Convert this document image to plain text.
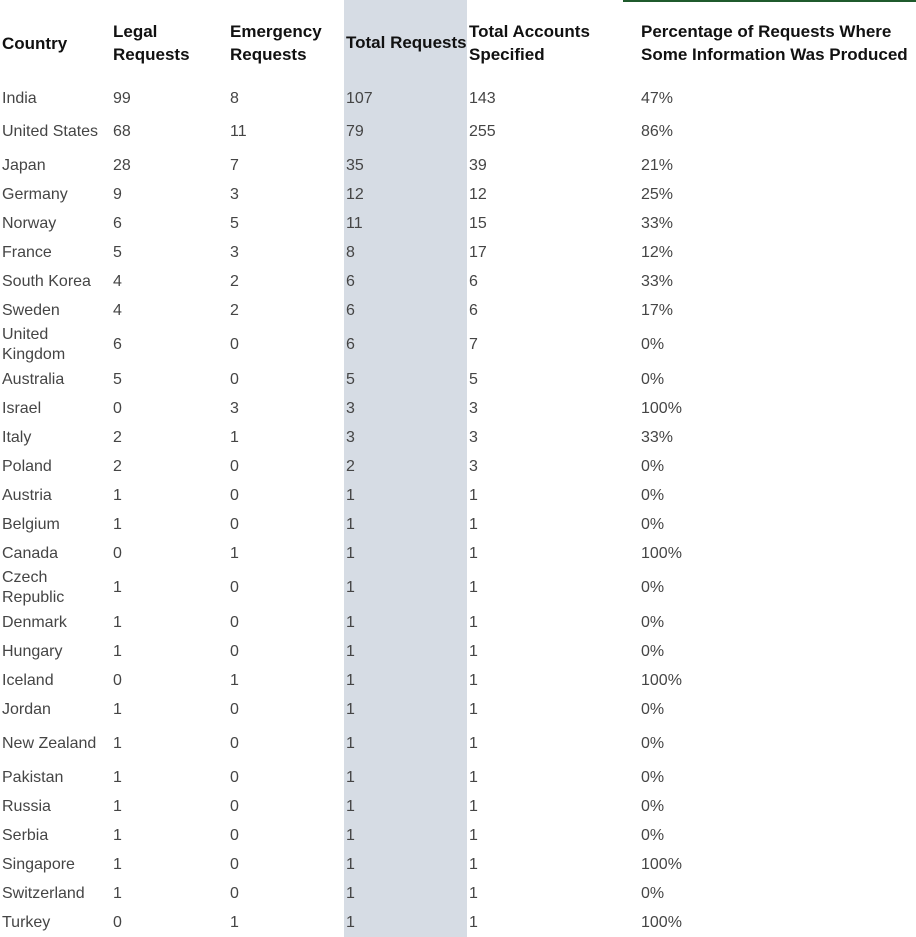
Country	Legal Requests	Emergency Requests	Total Requests	Total Accounts Specified	Percentage of Requests Where Some Information Was Produced
India	99	8	107	143	47%
United States	68	11	79	255	86%
Japan	28	7	35	39	21%
Germany	9	3	12	12	25%
Norway	6	5	11	15	33%
France	5	3	8	17	12%
South Korea	4	2	6	6	33%
Sweden	4	2	6	6	17%
United Kingdom	6	0	6	7	0%
Australia	5	0	5	5	0%
Israel	0	3	3	3	100%
Italy	2	1	3	3	33%
Poland	2	0	2	3	0%
Austria	1	0	1	1	0%
Belgium	1	0	1	1	0%
Canada	0	1	1	1	100%
Czech Republic	1	0	1	1	0%
Denmark	1	0	1	1	0%
Hungary	1	0	1	1	0%
Iceland	0	1	1	1	100%
Jordan	1	0	1	1	0%
New Zealand	1	0	1	1	0%
Pakistan	1	0	1	1	0%
Russia	1	0	1	1	0%
Serbia	1	0	1	1	0%
Singapore	1	0	1	1	100%
Switzerland	1	0	1	1	0%
Turkey	0	1	1	1	100%
